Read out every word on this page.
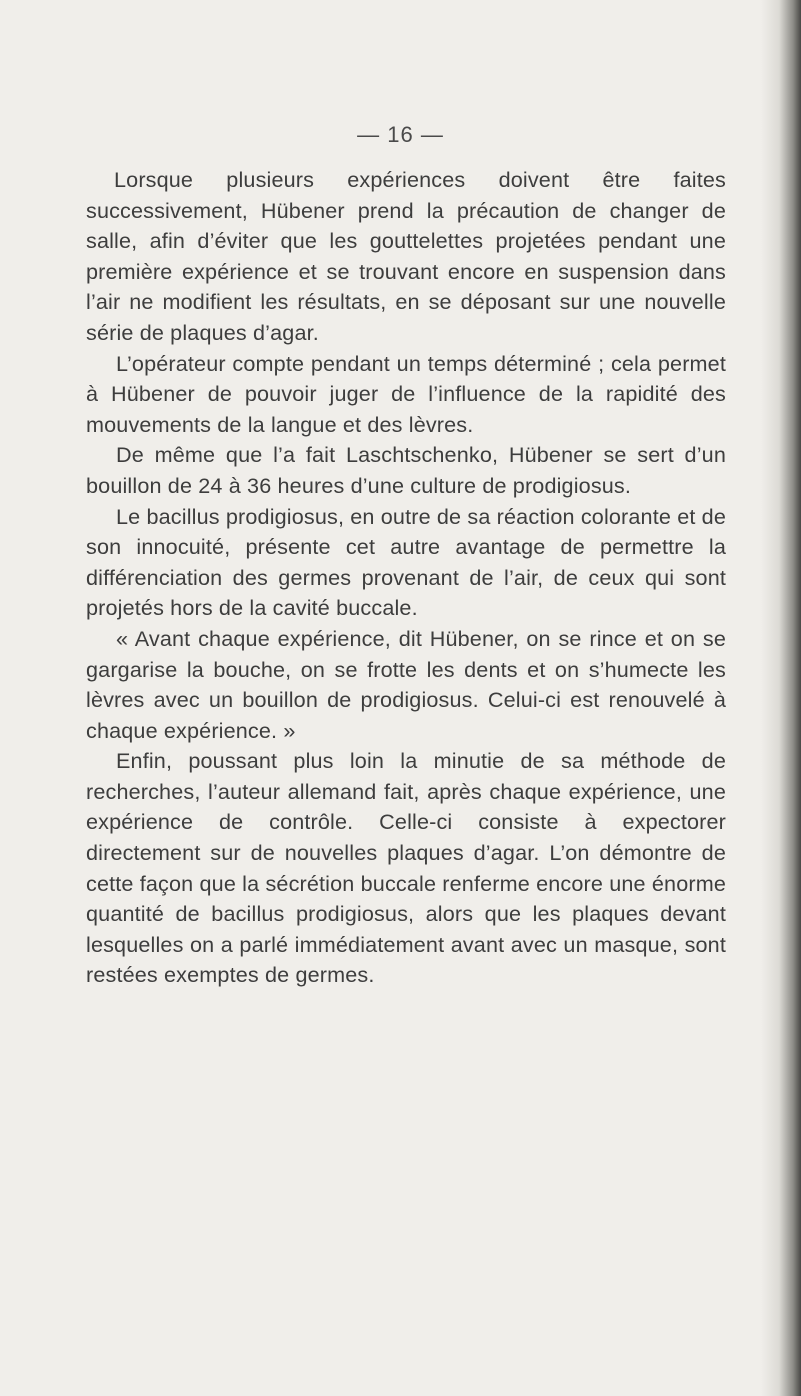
— 16 —

Lorsque plusieurs expériences doivent être faites successivement, Hübener prend la précaution de changer de salle, afin d’éviter que les gouttelettes projetées pendant une première expérience et se trouvant encore en suspension dans l’air ne modifient les résultats, en se déposant sur une nouvelle série de plaques d’agar.

L’opérateur compte pendant un temps déterminé ; cela permet à Hübener de pouvoir juger de l’influence de la rapidité des mouvements de la langue et des lèvres.

De même que l’a fait Laschtschenko, Hübener se sert d’un bouillon de 24 à 36 heures d’une culture de prodigiosus.

Le bacillus prodigiosus, en outre de sa réaction colorante et de son innocuité, présente cet autre avantage de permettre la différenciation des germes provenant de l’air, de ceux qui sont projetés hors de la cavité buccale.

« Avant chaque expérience, dit Hübener, on se rince et on se gargarise la bouche, on se frotte les dents et on s’humecte les lèvres avec un bouillon de prodigiosus. Celui-ci est renouvelé à chaque expérience. »

Enfin, poussant plus loin la minutie de sa méthode de recherches, l’auteur allemand fait, après chaque expérience, une expérience de contrôle. Celle-ci consiste à expectorer directement sur de nouvelles plaques d’agar. L’on démontre de cette façon que la sécrétion buccale renferme encore une énorme quantité de bacillus prodigiosus, alors que les plaques devant lesquelles on a parlé immédiatement avant avec un masque, sont restées exemptes de germes.
